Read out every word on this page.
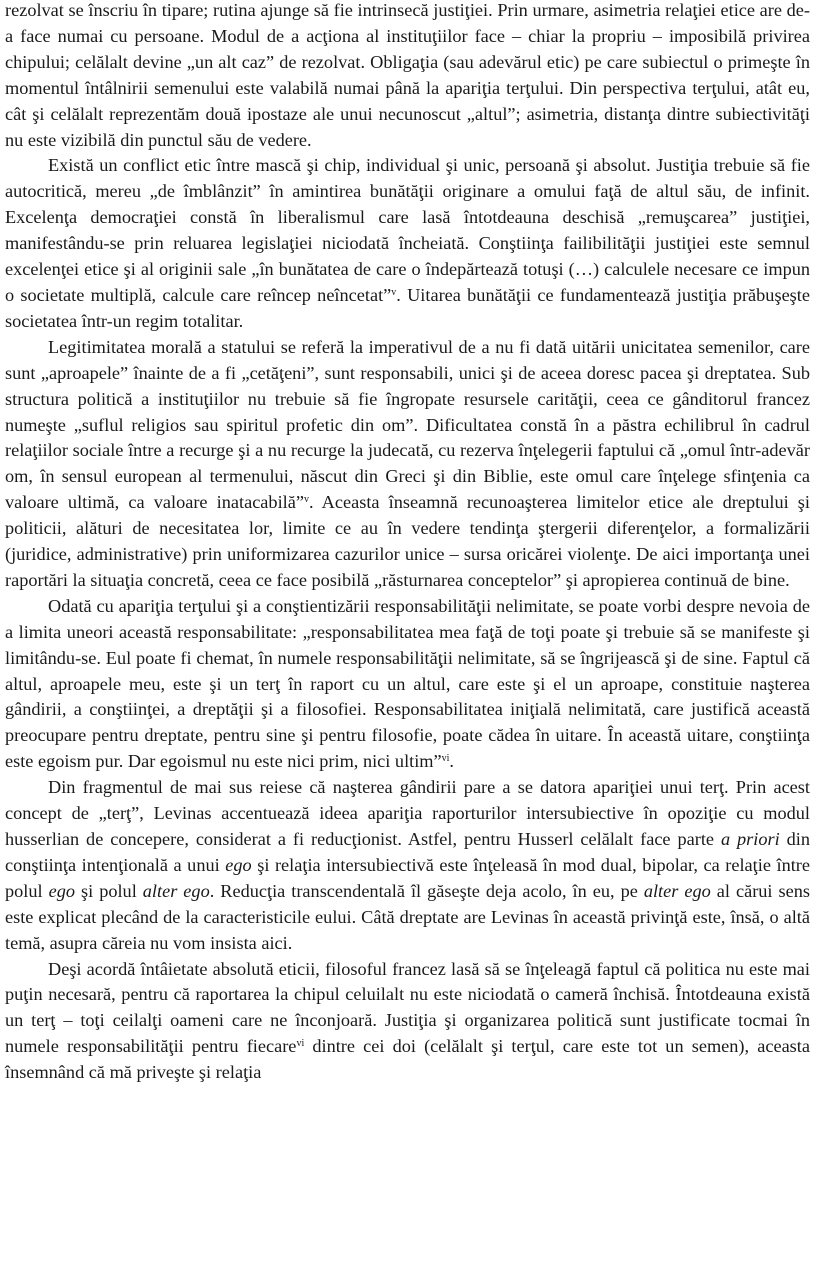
rezolvat se înscriu în tipare; rutina ajunge să fie intrinsecă justiţiei. Prin urmare, asimetria relaţiei etice are de-a face numai cu persoane. Modul de a acţiona al instituţiilor face – chiar la propriu – imposibilă privirea chipului; celălalt devine „un alt caz” de rezolvat. Obligaţia (sau adevărul etic) pe care subiectul o primeşte în momentul întâlnirii semenului este valabilă numai până la apariţia terţului. Din perspectiva terţului, atât eu, cât şi celălalt reprezentăm două ipostaze ale unui necunoscut „altul”; asimetria, distanţa dintre subiectivităţi nu este vizibilă din punctul său de vedere.

Există un conflict etic între mască şi chip, individual şi unic, persoană şi absolut. Justiţia trebuie să fie autocritică, mereu „de îmblânzit” în amintirea bunătăţii originare a omului faţă de altul său, de infinit. Excelenţa democraţiei constă în liberalismul care lasă întotdeauna deschisă „remuşcarea” justiţiei, manifestându-se prin reluarea legislaţiei niciodată încheiată. Conştiinţa failibilităţii justiţiei este semnul excelenţei etice şi al originii sale „în bunătatea de care o îndepărtează totuşi (…) calculele necesare ce impun o societate multiplă, calcule care reîncep neîncetat”$^v$. Uitarea bunătăţii ce fundamentează justiţia prăbuşeşte societatea într-un regim totalitar.

Legitimitatea morală a statului se referă la imperativul de a nu fi dată uitării unicitatea semenilor, care sunt „aproapele” înainte de a fi „cetăţeni”, sunt responsabili, unici şi de aceea doresc pacea şi dreptatea. Sub structura politică a instituţiilor nu trebuie să fie îngropate resursele carităţii, ceea ce gânditorul francez numeşte „suflul religios sau spiritul profetic din om”. Dificultatea constă în a păstra echilibrul în cadrul relaţiilor sociale între a recurge şi a nu recurge la judecată, cu rezerva înţelegerii faptului că „omul într-adevăr om, în sensul european al termenului, născut din Greci şi din Biblie, este omul care înţelege sfinţenia ca valoare ultimă, ca valoare inatacabilă”$^v$. Aceasta înseamnă recunoaşterea limitelor etice ale dreptului şi politicii, alături de necesitatea lor, limite ce au în vedere tendinţa ştergerii diferenţelor, a formalizării (juridice, administrative) prin uniformizarea cazurilor unice – sursa oricărei violenţe. De aici importanţa unei raportări la situaţia concretă, ceea ce face posibilă „răsturnarea conceptelor” şi apropierea continuă de bine.

Odată cu apariţia terţului şi a conştientizării responsabilităţii nelimitate, se poate vorbi despre nevoia de a limita uneori această responsabilitate: „responsabilitatea mea faţă de toţi poate şi trebuie să se manifeste şi limitându-se. Eul poate fi chemat, în numele responsabilităţii nelimitate, să se îngrijească şi de sine. Faptul că altul, aproapele meu, este şi un terţ în raport cu un altul, care este şi el un aproape, constituie naşterea gândirii, a conştiinţei, a dreptăţii şi a filosofiei. Responsabilitatea iniţială nelimitată, care justifică această preocupare pentru dreptate, pentru sine şi pentru filosofie, poate cădea în uitare. În această uitare, conştiinţa este egoism pur. Dar egoismul nu este nici prim, nici ultim”$^{vi}$.

Din fragmentul de mai sus reiese că naşterea gândirii pare a se datora apariţiei unui terţ. Prin acest concept de „terţ”, Levinas accentuează ideea apariţia raporturilor intersubiective în opoziţie cu modul husserlian de concepere, considerat a fi reducţionist. Astfel, pentru Husserl celălalt face parte a priori din conştiinţa intenţională a unui ego şi relaţia intersubiectivă este înţeleasă în mod dual, bipolar, ca relaţie între polul ego şi polul alter ego. Reducţia transcendentală îl găseşte deja acolo, în eu, pe alter ego al cărui sens este explicat plecând de la caracteristicile eului. Câtă dreptate are Levinas în această privinţă este, însă, o altă temă, asupra căreia nu vom insista aici.

Deşi acordă întâietate absolută eticii, filosoful francez lasă să se înţeleagă faptul că politica nu este mai puţin necesară, pentru că raportarea la chipul celuilalt nu este niciodată o cameră închisă. Întotdeauna există un terţ – toţi ceilalţi oameni care ne înconjoară. Justiţia şi organizarea politică sunt justificate tocmai în numele responsabilităţii pentru fiecare$^{vi}$ dintre cei doi (celălalt şi terţul, care este tot un semen), aceasta însemnând că mă priveşte şi relaţia
